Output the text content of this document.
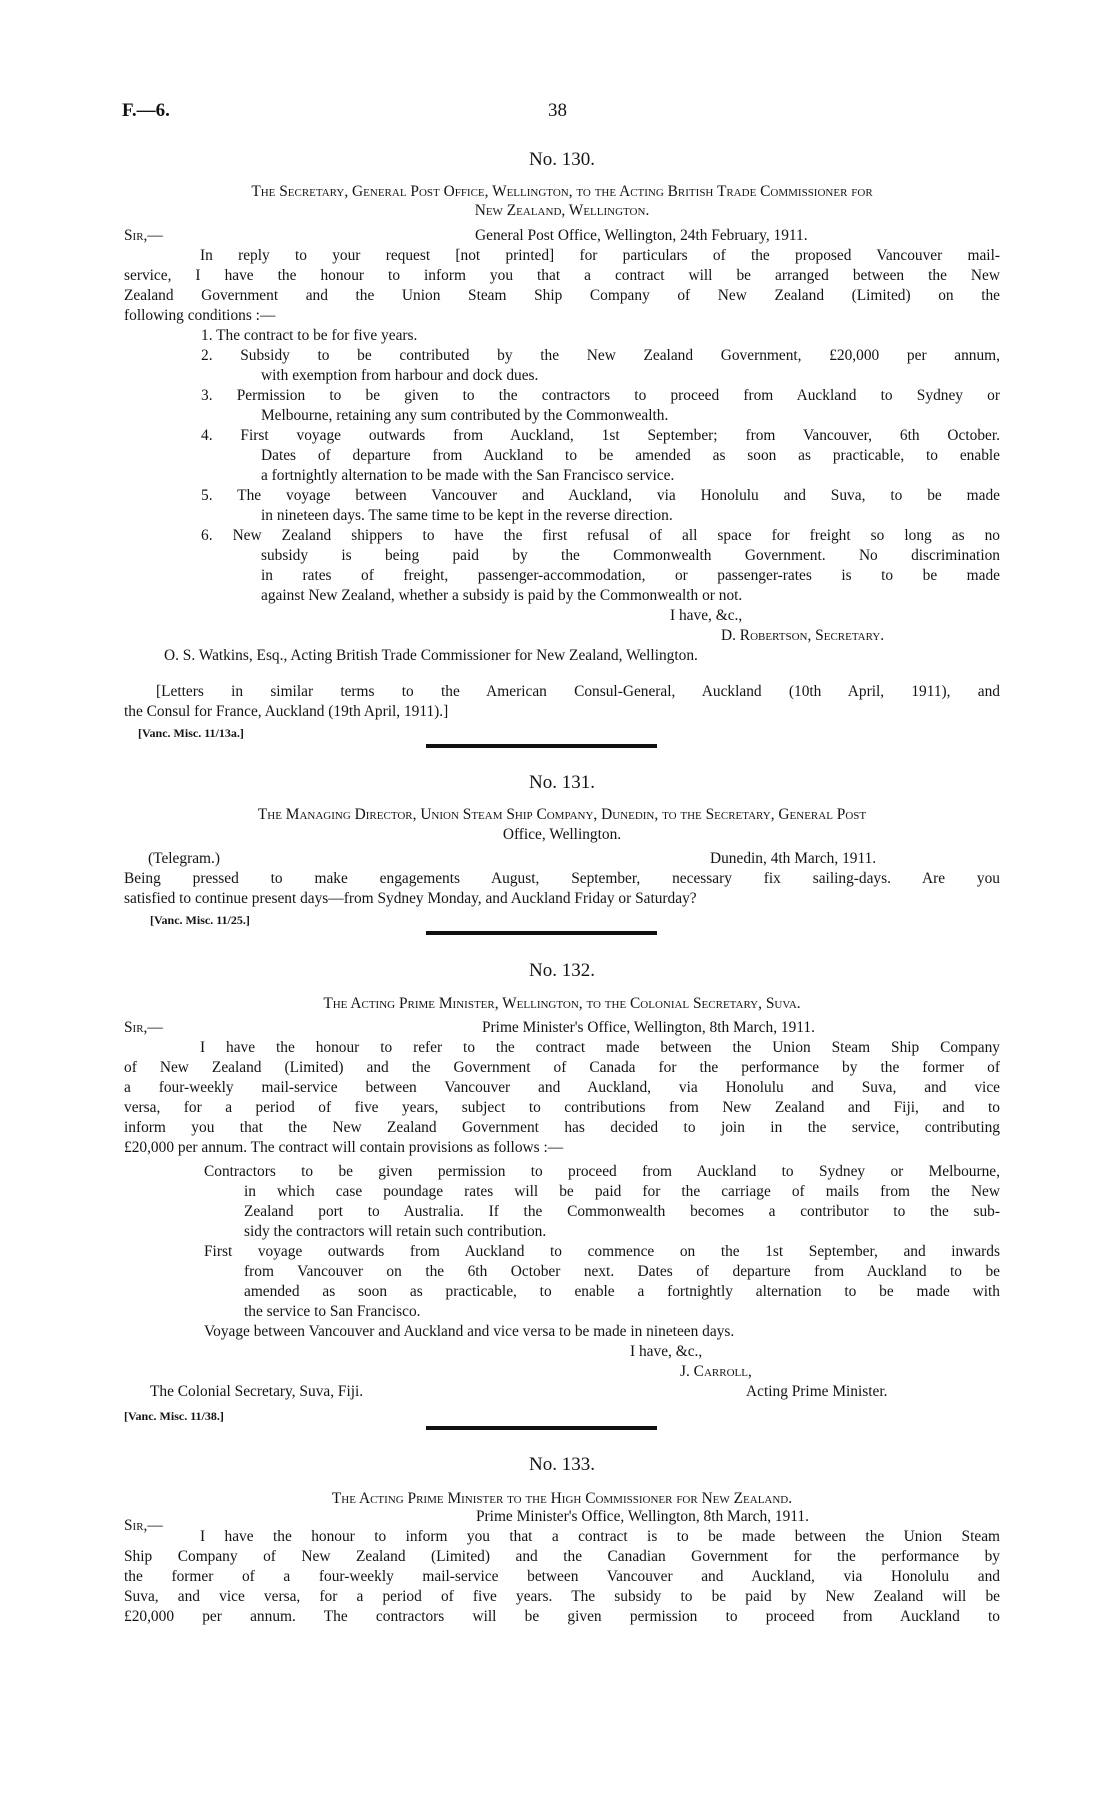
F.—6.	38
No. 130.
The Secretary, General Post Office, Wellington, to the Acting British Trade Commissioner for
New Zealand, Wellington.
Sir,—	General Post Office, Wellington, 24th February, 1911.
In reply to your request [not printed] for particulars of the proposed Vancouver mail-
service, I have the honour to inform you that a contract will be arranged between the New
Zealand Government and the Union Steam Ship Company of New Zealand (Limited) on the
following conditions :—
1. The contract to be for five years.
2. Subsidy to be contributed by the New Zealand Government, £20,000 per annum,
with exemption from harbour and dock dues.
3. Permission to be given to the contractors to proceed from Auckland to Sydney or
Melbourne, retaining any sum contributed by the Commonwealth.
4. First voyage outwards from Auckland, 1st September; from Vancouver, 6th October.
Dates of departure from Auckland to be amended as soon as practicable, to enable
a fortnightly alternation to be made with the San Francisco service.
5. The voyage between Vancouver and Auckland, via Honolulu and Suva, to be made
in nineteen days. The same time to be kept in the reverse direction.
6. New Zealand shippers to have the first refusal of all space for freight so long as no
subsidy is being paid by the Commonwealth Government. No discrimination
in rates of freight, passenger-accommodation, or passenger-rates is to be made
against New Zealand, whether a subsidy is paid by the Commonwealth or not.
I have, &c.,
D. Robertson, Secretary.
O. S. Watkins, Esq., Acting British Trade Commissioner for New Zealand, Wellington.
[Letters in similar terms to the American Consul-General, Auckland (10th April, 1911), and
the Consul for France, Auckland (19th April, 1911).]
[Vanc. Misc. 11/13a.]
No. 131.
The Managing Director, Union Steam Ship Company, Dunedin, to the Secretary, General Post
Office, Wellington.
(Telegram.)	Dunedin, 4th March, 1911.
Being pressed to make engagements August, September, necessary fix sailing-days. Are you
satisfied to continue present days—from Sydney Monday, and Auckland Friday or Saturday?
[Vanc. Misc. 11/25.]
No. 132.
The Acting Prime Minister, Wellington, to the Colonial Secretary, Suva.
Sir,—	Prime Minister's Office, Wellington, 8th March, 1911.
I have the honour to refer to the contract made between the Union Steam Ship Company
of New Zealand (Limited) and the Government of Canada for the performance by the former of
a four-weekly mail-service between Vancouver and Auckland, via Honolulu and Suva, and vice
versa, for a period of five years, subject to contributions from New Zealand and Fiji, and to
inform you that the New Zealand Government has decided to join in the service, contributing
£20,000 per annum. The contract will contain provisions as follows :—
Contractors to be given permission to proceed from Auckland to Sydney or Melbourne,
in which case poundage rates will be paid for the carriage of mails from the New
Zealand port to Australia. If the Commonwealth becomes a contributor to the sub-
sidy the contractors will retain such contribution.
First voyage outwards from Auckland to commence on the 1st September, and inwards
from Vancouver on the 6th October next. Dates of departure from Auckland to be
amended as soon as practicable, to enable a fortnightly alternation to be made with
the service to San Francisco.
Voyage between Vancouver and Auckland and vice versa to be made in nineteen days.
I have, &c.,
J. Carroll,
The Colonial Secretary, Suva, Fiji.	Acting Prime Minister.
[Vanc. Misc. 11/38.]
No. 133.
The Acting Prime Minister to the High Commissioner for New Zealand.
Sir,—
Prime Minister's Office, Wellington, 8th March, 1911.
I have the honour to inform you that a contract is to be made between the Union Steam
Ship Company of New Zealand (Limited) and the Canadian Government for the performance by
the former of a four-weekly mail-service between Vancouver and Auckland, via Honolulu and
Suva, and vice versa, for a period of five years. The subsidy to be paid by New Zealand will be
£20,000 per annum. The contractors will be given permission to proceed from Auckland to
